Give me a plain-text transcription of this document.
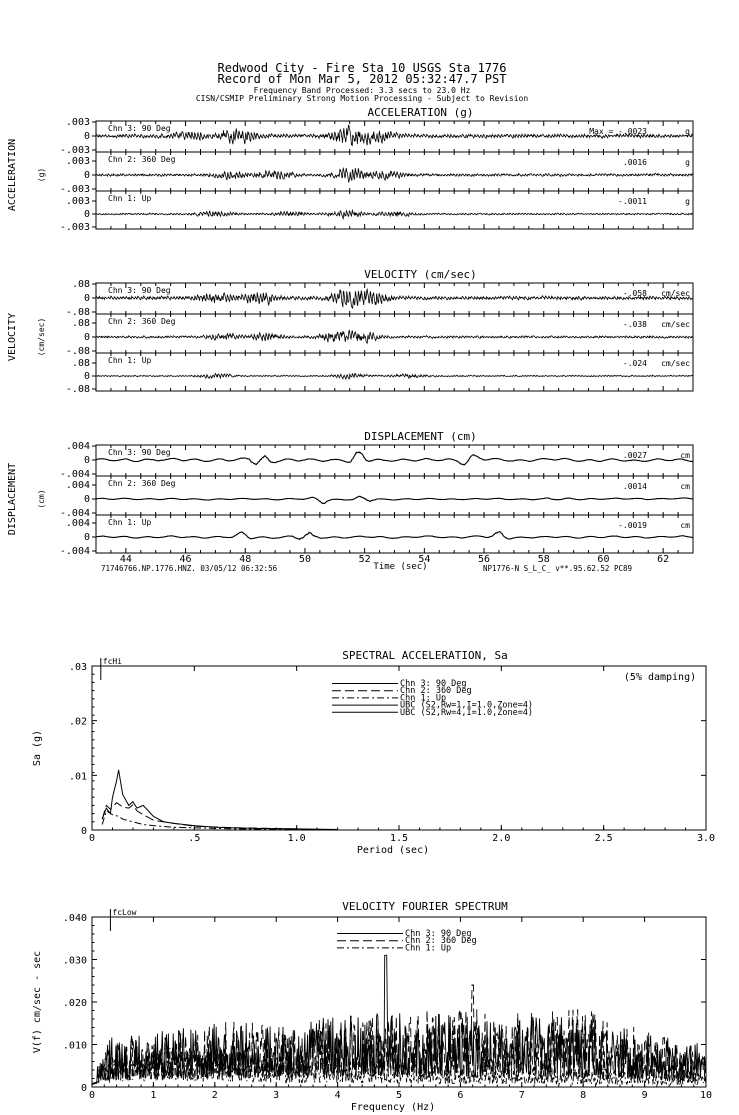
Redwood City - Fire Sta 10 USGS Sta 1776
Record of Mon Mar 5, 2012 05:32:47.7 PST
Frequency Band Processed: 3.3 secs to 23.0 Hz
CISN/CSMIP Preliminary Strong Motion Processing - Subject to Revision
ACCELERATION (g)
ACCELERATION (g)
.003
0
-.003
Chn 3: 90 Deg	Max = -.0023	g
.003
0
-.003
Chn 2: 360 Deg	.0016	g
.003
0
-.003
Chn 1: Up	-.0011	g
VELOCITY (cm/sec)
VELOCITY (cm/sec)
.08
0
-.08
Chn 3: 90 Deg	-.058 cm/sec
.08
0
-.08
Chn 2: 360 Deg	-.038 cm/sec
.08
0
-.08
Chn 1: Up	-.024 cm/sec
DISPLACEMENT (cm)
DISPLACEMENT (cm)
44	46	48	50	52	54	56	58	60	62
Time (sec)
.004
0
-.004
Chn 3: 90 Deg	.0027	cm
.004
0
-.004
Chn 2: 360 Deg	.0014	cm
.004
0
-.004
Chn 1: Up	-.0019	cm
SPECTRAL ACCELERATION, Sa
0	.5	1.0	1.5	2.0	2.5	3.0
0
.01
.02
.03
Period (sec)
Sa (g)
fcHi
(5% damping)
Chn 3: 90 Deg
Chn 2: 360 Deg
Chn 1: Up
UBC (S2,Rw=1,I=1.0,Zone=4)
UBC (S2,Rw=4,I=1.0,Zone=4)
VELOCITY FOURIER SPECTRUM
0	1	2	3	4	5	6	7	8	9	10
0
.010
.020
.030
.040
Frequency (Hz)
V(f) cm/sec - sec
fcLow
Chn 3: 90 Deg
Chn 2: 360 Deg
Chn 1: Up
71746766.NP.1776.HNZ. 03/05/12 06:32:56	NP1776-N S_L_C_ v**.95.62.52 PC89
